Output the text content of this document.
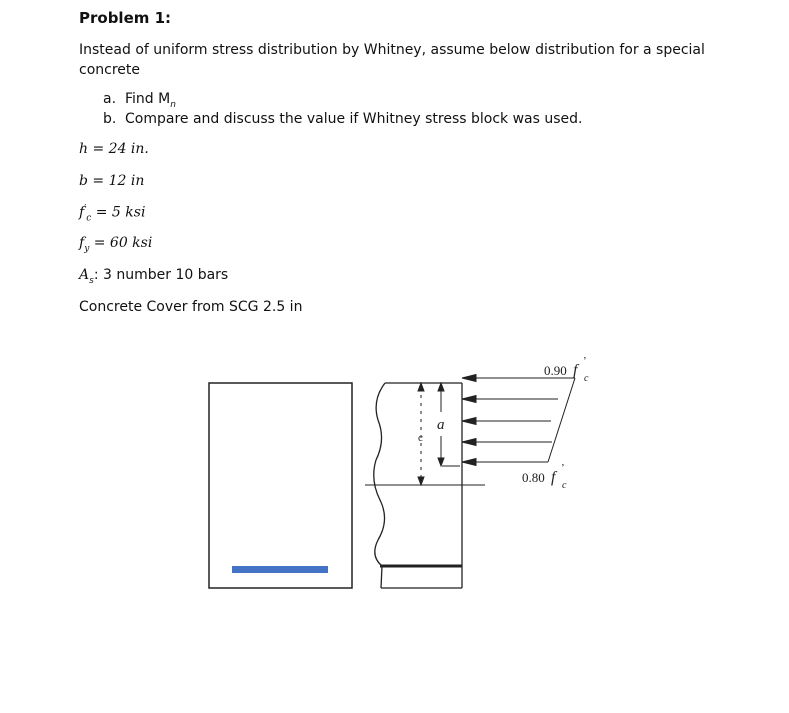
Problem 1:
Instead of uniform stress distribution by Whitney, assume below distribution for a special concrete
a. Find $M_n$
b. Compare and discuss the value if Whitney stress block was used.
h = 24 in.
b = 12 in
$f'_c = 5$ ksi
$f_y = 60$ ksi
$A_s$: 3 number 10 bars
Concrete Cover from SCG 2.5 in
c
a
0.90 f
’
c
0.80 f
’
c
